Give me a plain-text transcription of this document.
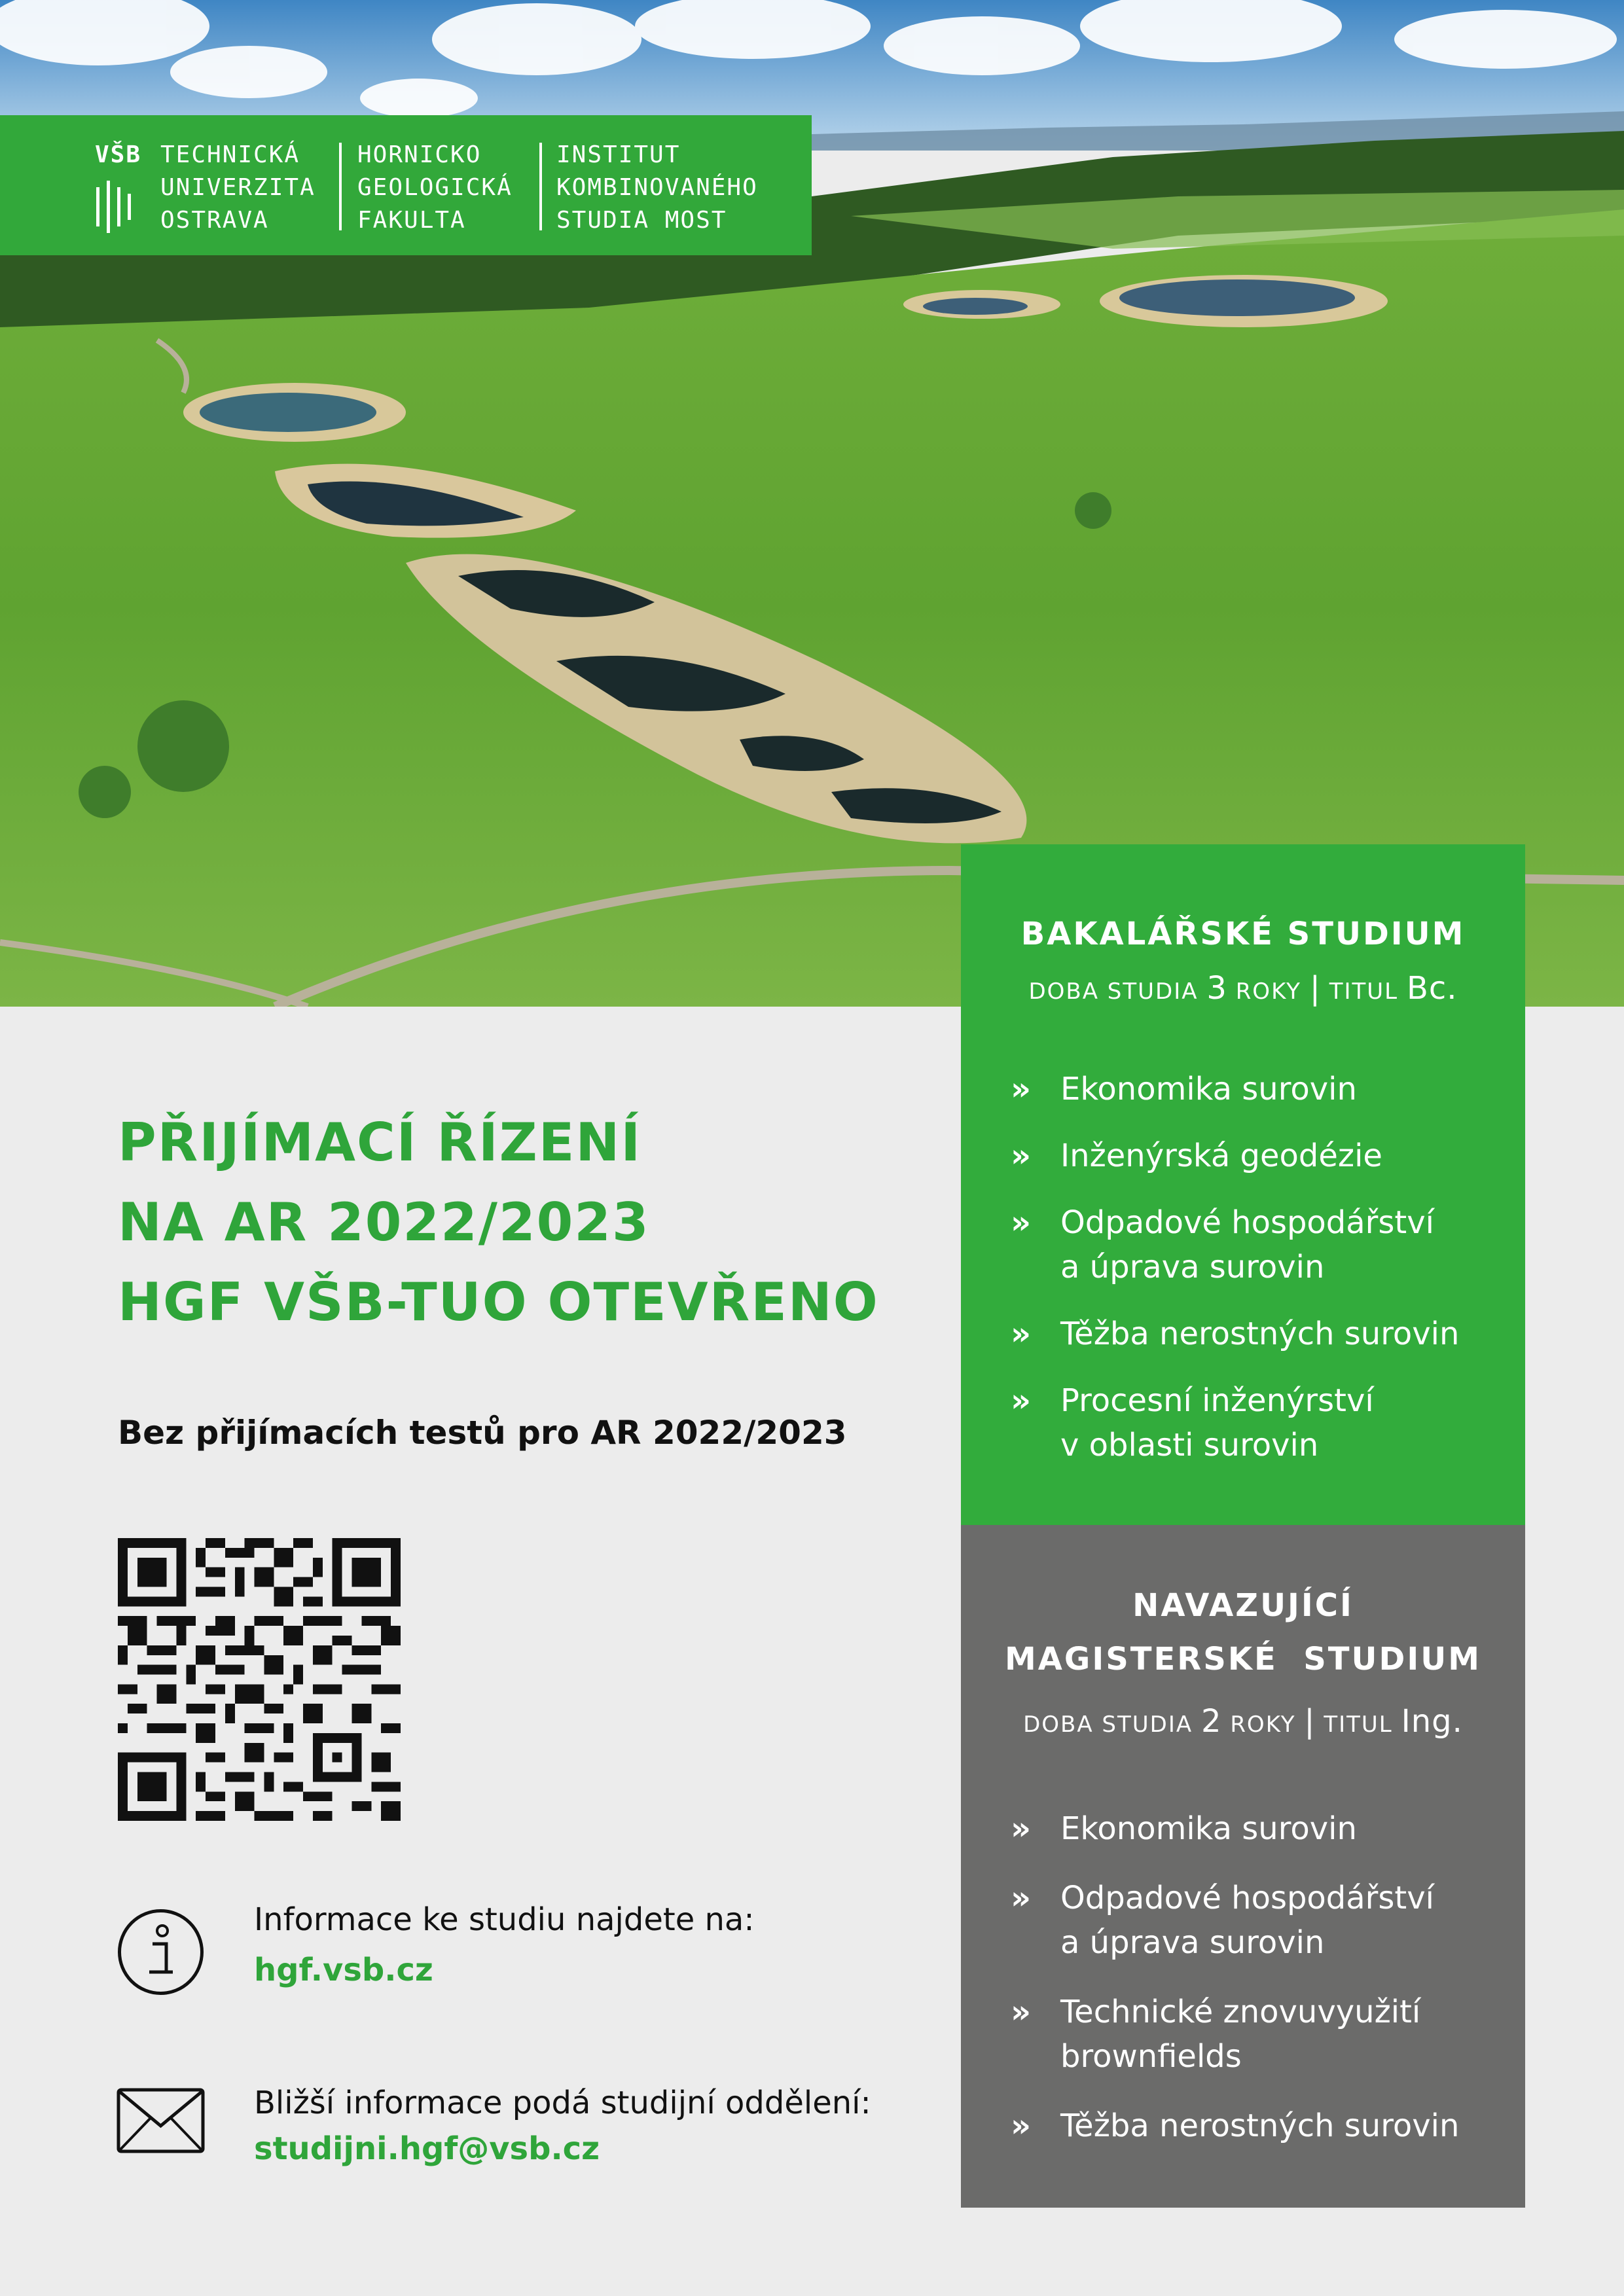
VŠB TECHNICKÁ
UNIVERZITA
OSTRAVA
HORNICKO
GEOLOGICKÁ
FAKULTA
INSTITUT
KOMBINOVANÉHO
STUDIA MOST
PŘIJÍMACÍ ŘÍZENÍ
NA AR 2022/2023
HGF VŠB-TUO OTEVŘENO
Bez přijímacích testů pro AR 2022/2023
Informace ke studiu najdete na:
hgf.vsb.cz
Bližší informace podá studijní oddělení:
studijni.hgf@vsb.cz
BAKALÁŘSKÉ STUDIUM
DOBA STUDIA 3 ROKY | TITUL Bc.
» Ekonomika surovin
» Inženýrská geodézie
» Odpadové hospodářství
a úprava surovin
» Těžba nerostných surovin
» Procesní inženýrství
v oblasti surovin
NAVAZUJÍCÍ
MAGISTERSKÉ  STUDIUM
DOBA STUDIA 2 ROKY | TITUL Ing.
» Ekonomika surovin
» Odpadové hospodářství
a úprava surovin
» Technické znovuvyužití
brownfields
» Těžba nerostných surovin
